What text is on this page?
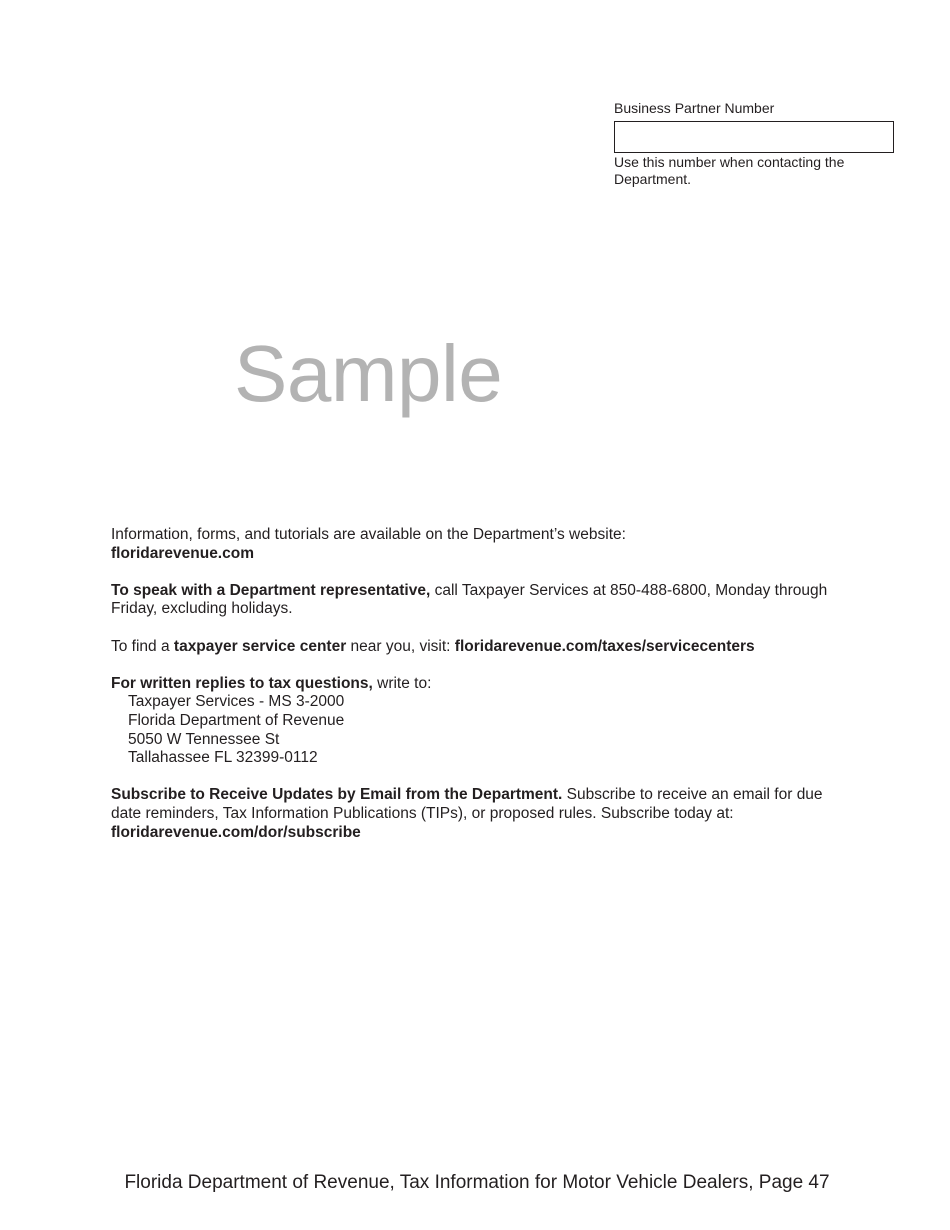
Business Partner Number
Use this number when contacting the Department.
Sample

Information, forms, and tutorials are available on the Department’s website:
floridarevenue.com

To speak with a Department representative, call Taxpayer Services at 850-488-6800, Monday through Friday, excluding holidays.

To find a taxpayer service center near you, visit: floridarevenue.com/taxes/servicecenters

For written replies to tax questions, write to:
Taxpayer Services - MS 3-2000
Florida Department of Revenue
5050 W Tennessee St
Tallahassee FL 32399-0112

Subscribe to Receive Updates by Email from the Department. Subscribe to receive an email for due date reminders, Tax Information Publications (TIPs), or proposed rules. Subscribe today at:
floridarevenue.com/dor/subscribe

Florida Department of Revenue, Tax Information for Motor Vehicle Dealers, Page 47
